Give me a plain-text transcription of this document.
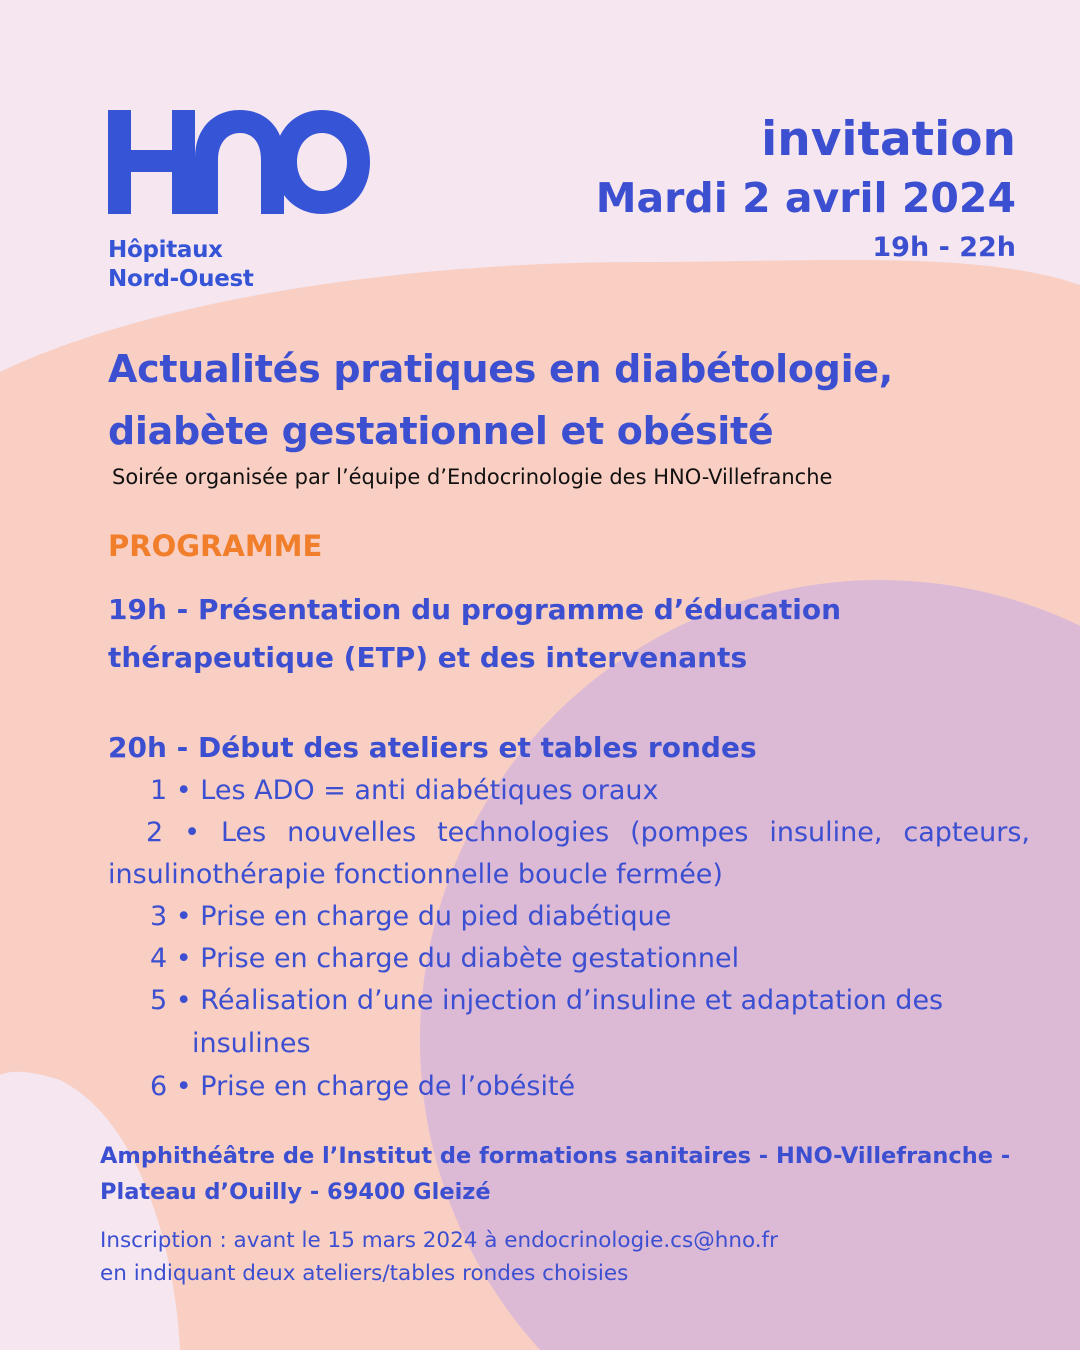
Hôpitaux
Nord-Ouest
invitation
Mardi 2 avril 2024
19h - 22h
Actualités pratiques en diabétologie,
diabète gestationnel et obésité
Soirée organisée par l’équipe d’Endocrinologie des HNO-Villefranche
PROGRAMME
19h - Présentation du programme d’éducation
thérapeutique (ETP) et des intervenants
20h - Début des ateliers et tables rondes
1 • Les ADO = anti diabétiques oraux
2 • Les nouvelles technologies (pompes insuline, capteurs, insulinothérapie fonctionnelle boucle fermée)
3 • Prise en charge du pied diabétique
4 • Prise en charge du diabète gestationnel
5 • Réalisation d’une injection d’insuline et adaptation des
insulines
6 • Prise en charge de l’obésité
Amphithéâtre de l’Institut de formations sanitaires - HNO-Villefranche -
Plateau d’Ouilly - 69400 Gleizé
Inscription : avant le 15 mars 2024 à endocrinologie.cs@hno.fr
en indiquant deux ateliers/tables rondes choisies
